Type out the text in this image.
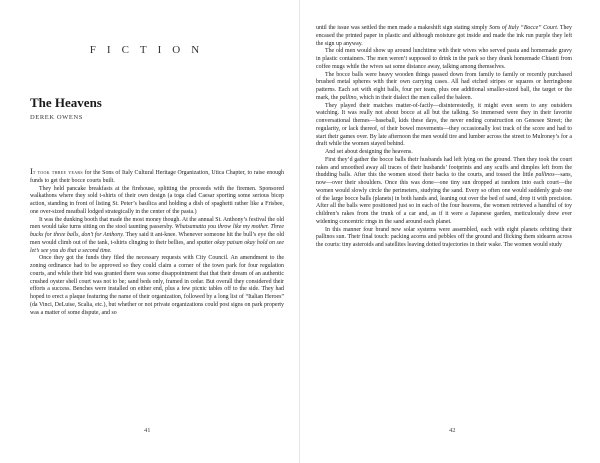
FICTION
The Heavens
DEREK OWENS

It took three years for the Sons of Italy Cultural Heritage Organization, Utica Chapter, to raise enough funds to get their bocce courts built.

They held pancake breakfasts at the firehouse, splitting the proceeds with the firemen. Sponsored walkathons where they sold t-shirts of their own design (a toga clad Caesar sporting some serious bicep action, standing in front of listing St. Peter’s basilica and holding a dish of spaghetti rather like a Frisbee, one over-sized meatball lodged strategically in the center of the pasta.)

It was the dunking booth that made the most money though. At the annual St. Anthony’s festival the old men would take turns sitting on the stool taunting passersby. Whatsamatta you throw like my mother. Three bucks for three balls, don’t for Anthony. They said it ant-knee. Whenever someone hit the bull’s eye the old men would climb out of the tank, t-shirts clinging to their bellies, and sputter okay paisan okay hold on see let’s see you do that a second time.

Once they got the funds they filed the necessary requests with City Council. An amendment to the zoning ordinance had to be approved so they could claim a corner of the town park for four regulation courts, and while their bid was granted there was some disappointment that that their dream of an authentic crushed oyster shell court was not to be; sand beds only, framed in cedar. But overall they considered their efforts a success. Benches were installed on either end, plus a few picnic tables off to the side. They had hoped to erect a plaque featuring the name of their organization, followed by a long list of “Italian Heroes” (da Vinci, DeLuise, Scalia, etc.), but whether or not private organizations could post signs on park property was a matter of some dispute, and so

41

until the issue was settled the men made a makeshift sign stating simply Sons of Italy “Bocce” Court. They encased the printed paper in plastic and although moisture got inside and made the ink run purple they left the sign up anyway.

The old men would show up around lunchtime with their wives who served pasta and homemade gravy in plastic containers. The men weren’t supposed to drink in the park so they drank homemade Chianti from coffee mugs while the wives sat some distance away, talking among themselves.

The bocce balls were heavy wooden things passed down from family to family or recently purchased brushed metal spheres with their own carrying cases. All had etched stripes or squares or herringbone patterns. Each set with eight balls, four per team, plus one additional smaller-sized ball, the target or the mark, the pallino, which in their dialect the men called the baleen.

They played their matches matter-of-factly—disinterestedly, it might even seem to any outsiders watching. It was really not about bocce at all but the talking. So immersed were they in their favorite conversational themes—baseball, kids these days, the never ending construction on Genesee Street; the regularity, or lack thereof, of their bowel movements—they occasionally lost track of the score and had to start their games over. By late afternoon the men would tire and lumber across the street to Mulroney’s for a draft while the women stayed behind.

And set about designing the heavens.

First they’d gather the bocce balls their husbands had left lying on the ground. Then they took the court rakes and smoothed away all traces of their husbands’ footprints and any scuffs and dimples left from the thudding balls. After this the women stood their backs to the courts, and tossed the little pallinos—sans, now—over their shoulders. Once this was done—one tiny sun dropped at random into each court—the women would slowly circle the perimeters, studying the sand. Every so often one would suddenly grab one of the large bocce balls (planets) in both hands and, leaning out over the bed of sand, drop it with precision. After all the balls were positioned just so in each of the four heavens, the women retrieved a handful of toy children’s rakes from the trunk of a car and, as if it were a Japanese garden, meticulously drew ever widening concentric rings in the sand around each planet.

In this manner four brand new solar systems were assembled, each with eight planets orbiting their pallinos sun. Their final touch: packing acorns and pebbles off the ground and flicking them sidearm across the courts: tiny asteroids and satellites leaving dotted trajectories in their wake. The women would study

42
